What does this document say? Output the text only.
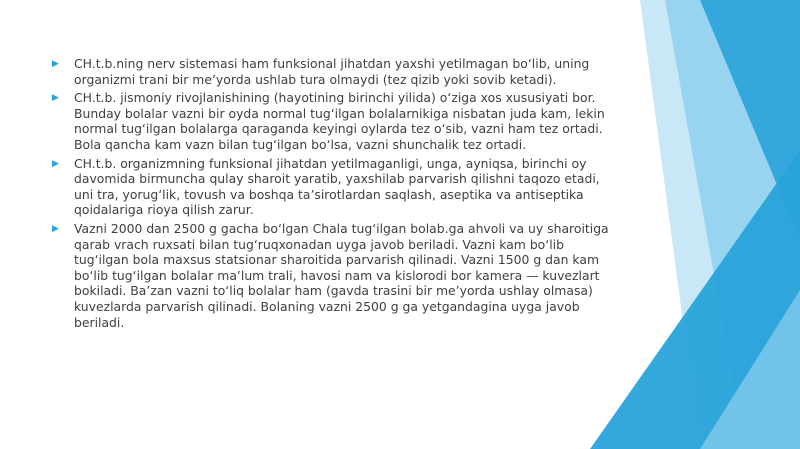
▶ CH.t.b.ning nerv sistemasi ham funksional jihatdan yaxshi yetilmagan bo‘lib, uning organizmi trani bir me’yorda ushlab tura olmaydi (tez qizib yoki sovib ketadi).
▶ CH.t.b. jismoniy rivojlanishining (hayotining birinchi yilida) o‘ziga xos xususiyati bor. Bunday bolalar vazni bir oyda normal tug‘ilgan bolalarnikiga nisbatan juda kam, lekin normal tug‘ilgan bolalarga qaraganda keyingi oylarda tez o‘sib, vazni ham tez ortadi. Bola qancha kam vazn bilan tug‘ilgan bo‘lsa, vazni shunchalik tez ortadi.
▶ CH.t.b. organizmning funksional jihatdan yetilmaganligi, unga, ayniqsa, birinchi oy davomida birmuncha qulay sharoit yaratib, yaxshilab parvarish qilishni taqozo etadi, uni tra, yorug‘lik, tovush va boshqa ta’sirotlardan saqlash, aseptika va antiseptika qoidalariga rioya qilish zarur.
▶ Vazni 2000 dan 2500 g gacha bo‘lgan Chala tug‘ilgan bolab.ga ahvoli va uy sharoitiga qarab vrach ruxsati bilan tug‘ruqxonadan uyga javob beriladi. Vazni kam bo‘lib tug‘ilgan bola maxsus statsionar sharoitida parvarish qilinadi. Vazni 1500 g dan kam bo‘lib tug‘ilgan bolalar ma’lum trali, havosi nam va kislorodi bor kamera — kuvezlart bokiladi. Ba’zan vazni to‘liq bolalar ham (gavda trasini bir me’yorda ushlay olmasa) kuvezlarda parvarish qilinadi. Bolaning vazni 2500 g ga yetgandagina uyga javob beriladi.
